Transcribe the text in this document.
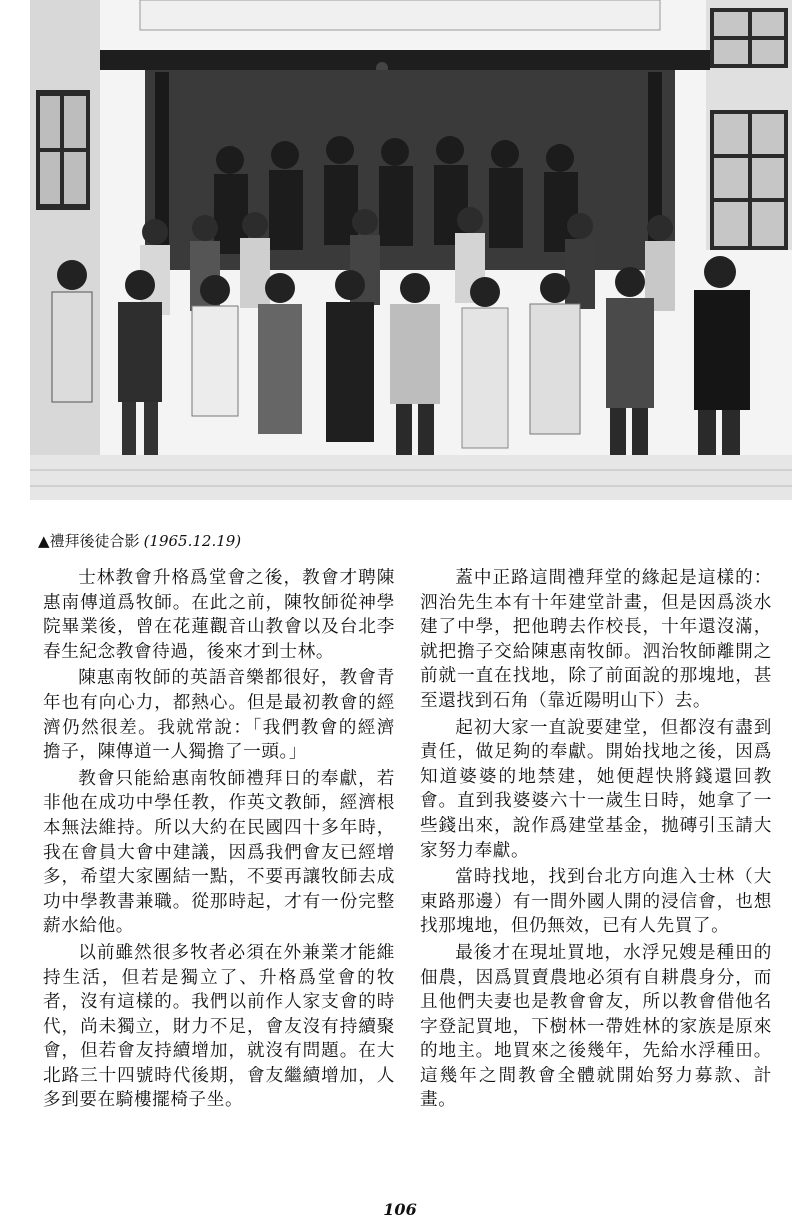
▲禮拜後徒合影 (1965.12.19)

士林教會升格爲堂會之後，教會才聘陳惠南傳道爲牧師。在此之前，陳牧師從神學院畢業後，曾在花蓮觀音山教會以及台北李春生紀念教會待過，後來才到士林。

陳惠南牧師的英語音樂都很好，教會青年也有向心力，都熱心。但是最初教會的經濟仍然很差。我就常說：「我們教會的經濟擔子，陳傳道一人獨擔了一頭。」

教會只能給惠南牧師禮拜日的奉獻，若非他在成功中學任教，作英文教師，經濟根本無法維持。所以大約在民國四十多年時，我在會員大會中建議，因爲我們會友已經增多，希望大家團結一點，不要再讓牧師去成功中學教書兼職。從那時起，才有一份完整薪水給他。

以前雖然很多牧者必須在外兼業才能維持生活，但若是獨立了、升格爲堂會的牧者，沒有這樣的。我們以前作人家支會的時代，尚未獨立，財力不足，會友沒有持續聚會，但若會友持續增加，就沒有問題。在大北路三十四號時代後期，會友繼續增加，人多到要在騎樓擺椅子坐。

蓋中正路這間禮拜堂的緣起是這樣的：泗治先生本有十年建堂計畫，但是因爲淡水建了中學，把他聘去作校長，十年還沒滿，就把擔子交給陳惠南牧師。泗治牧師離開之前就一直在找地，除了前面說的那塊地，甚至還找到石角（靠近陽明山下）去。

起初大家一直說要建堂，但都沒有盡到責任，做足夠的奉獻。開始找地之後，因爲知道婆婆的地禁建，她便趕快將錢還回教會。直到我婆婆六十一歲生日時，她拿了一些錢出來，說作爲建堂基金，拋磚引玉請大家努力奉獻。

當時找地，找到台北方向進入士林（大東路那邊）有一間外國人開的浸信會，也想找那塊地，但仍無效，已有人先買了。

最後才在現址買地，水浮兄嫂是種田的佃農，因爲買賣農地必須有自耕農身分，而且他們夫妻也是教會會友，所以教會借他名字登記買地，下樹林一帶姓林的家族是原來的地主。地買來之後幾年，先給水浮種田。這幾年之間教會全體就開始努力募款、計畫。

106
